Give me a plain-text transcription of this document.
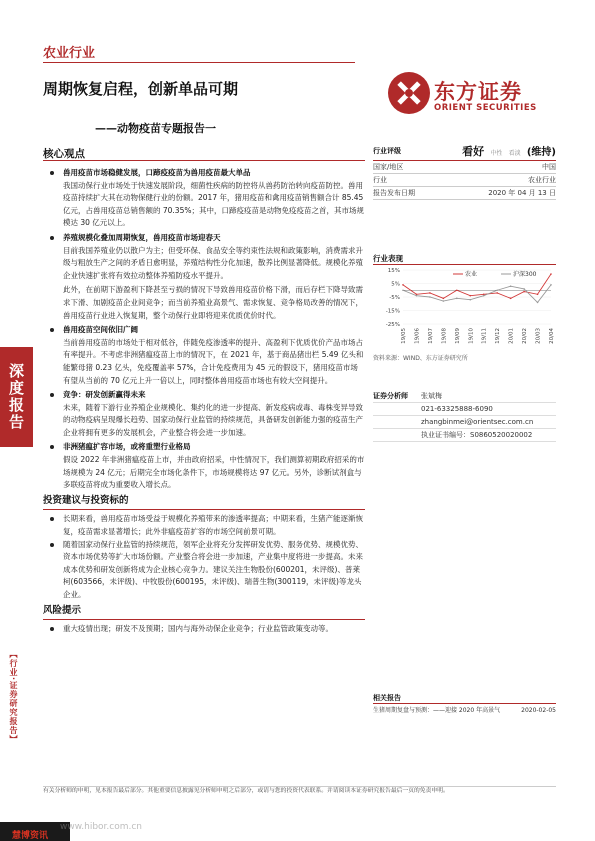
农业行业
周期恢复启程，创新单品可期
——动物疫苗专题报告一
东方证券
ORIENT SECURITIES
深度报告
【行业·证券研究报告】
核心观点
兽用疫苗市场稳健发展，口蹄疫疫苗为兽用疫苗最大单品
我国动保行业市场处于快速发展阶段，细菌性疾病的防控将从兽药防治转向疫苗防控。兽用疫苗持续扩大其在动物保健行业的份额。2017 年，猪用疫苗和禽用疫苗销售额合计 85.45 亿元，占兽用疫苗总销售额的 70.35%；其中，口蹄疫疫苗是动物免疫疫苗之首，其市场规模达 30 亿元以上。
养殖规模化叠加周期恢复，兽用疫苗市场迎春天
目前我国养殖业仍以散户为主；但受环保、食品安全等约束性法规和政策影响，消费需求升级与粗放生产之间的矛盾日愈明显，养殖结构性分化加速，散养比例显著降低。规模化养殖企业快速扩张将有效拉动整体养殖防疫水平提升。
此外，在前期下游盈利下降甚至亏损的情况下导致兽用疫苗价格下滑，而后存栏下降导致需求下滑、加剧疫苗企业间竞争；而当前养殖业高景气、需求恢复、竞争格局改善的情况下，兽用疫苗行业进入恢复期，整个动保行业即将迎来优质优价时代。
兽用疫苗空间依旧广阔
当前兽用疫苗的市场处于相对低谷，伴随免疫渗透率的提升、高盈利下优质优价产品市场占有率提升。不考虑非洲猪瘟疫苗上市的情况下，在 2021 年，基于商品猪出栏 5.49 亿头和能繁母猪 0.23 亿头，免疫覆盖率 57%，合计免疫费用为 45 元的假设下，猪用疫苗市场有望从当前的 70 亿元上升一倍以上，同时整体兽用疫苗市场也有较大空间提升。
竞争：研发创新赢得未来
未来，随着下游行业养殖企业规模化、集约化的进一步提高、新发疫病或毒、毒株变异导致的动物疫病呈现爆长趋势、国家动保行业监管的持续规范，具备研发创新能力强的疫苗生产企业将拥有更多的发展机会，产业整合将会进一步加速。
非洲猪瘟扩容市场，或将重塑行业格局
假设 2022 年非洲猪瘟疫苗上市，并由政府招采，中性情况下，我们测算初期政府招采的市场规模为 24 亿元；后期完全市场化条件下，市场规模将达 97 亿元。另外，诊断试剂盒与多联疫苗将成为重要收入增长点。
投资建议与投资标的
长期来看，兽用疫苗市场受益于规模化养殖带来的渗透率提高；中期来看，生猪产能逐渐恢复，疫苗需求显著增长；此外非瘟疫苗扩容的市场空间前景可期。
随着国家动保行业监管的持续规范，领军企业将充分发挥研发优势、服务优势、规模优势、资本市场优势等扩大市场份额。产业整合将会进一步加速，产业集中度将进一步提高。未来成本优势和研发创新将成为企业核心竞争力。建议关注生物股份(600201，未评级)、普莱柯(603566，未评级)、中牧股份(600195，未评级)、瑞普生物(300119，未评级)等龙头企业。
风险提示
重大疫情出现；研发不及预期；国内与海外动保企业竞争；行业监管政策变动等。
行业评级	看好 中性 看淡 (维持)
国家/地区	中国
行业	农业行业
报告发布日期	2020 年 04 月 13 日
行业表现
15%
5%
-5%
-15%
-25%
农业	沪深300
19/05 19/06 19/07 19/08 19/09 19/10 19/11 19/12 20/01 20/02 20/03 20/04
资料来源：WIND、东方证券研究所
证券分析师	张斌梅
021-63325888-6090
zhangbinmei@orientsec.com.cn
执业证书编号：S0860520020002
相关报告
生猪周期复盘与预测：——迎接 2020 年高景气	2020-02-05
有关分析师的申明，见本报告最后部分。其他重要信息披露见分析师申明之后部分，或请与您的投资代表联系。并请阅读本证券研究报告最后一页的免责申明。
慧博资讯
www.hibor.com.cn
